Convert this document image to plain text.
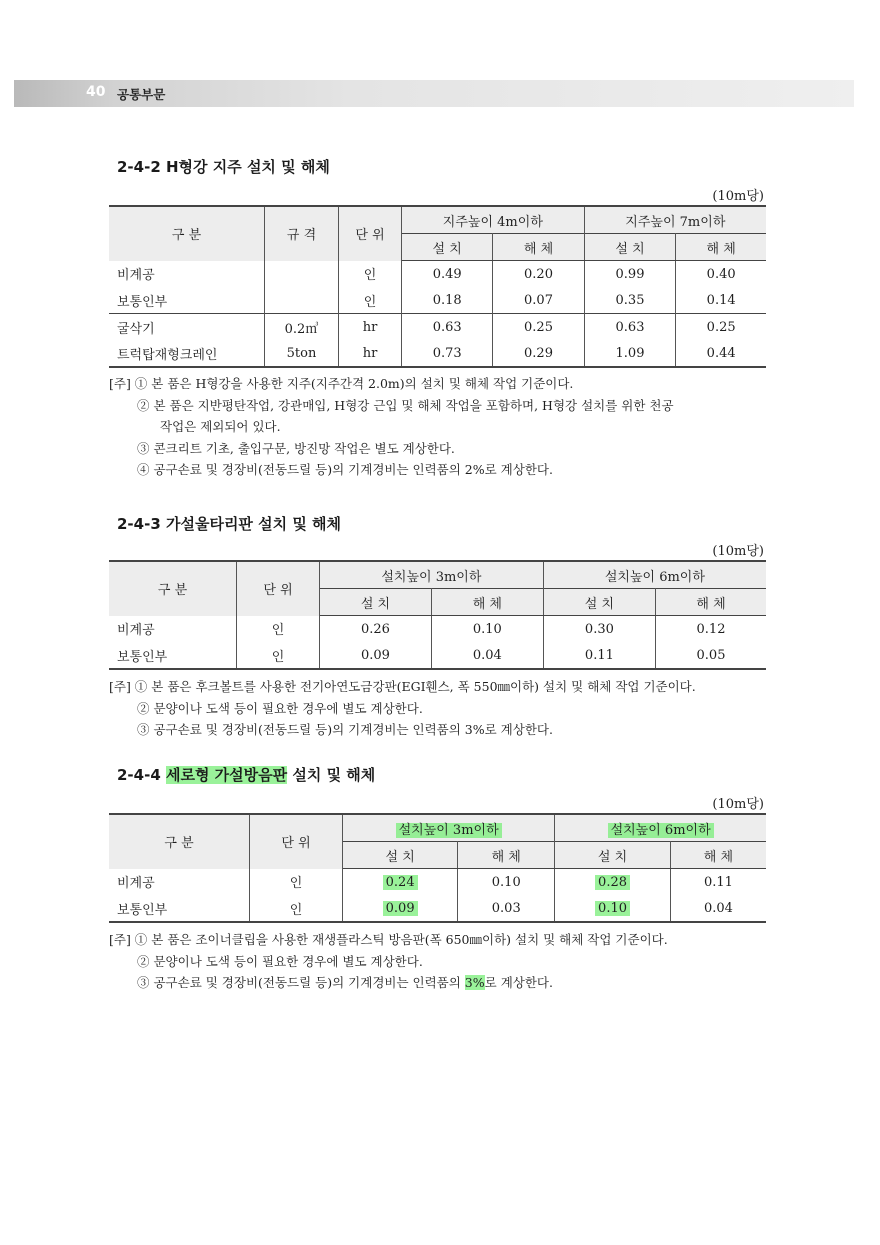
40 공통부문
2-4-2 H형강 지주 설치 및 해체
(10m당)
구 분	규 격	단 위	지주높이 4m이하		지주높이 7m이하	
			설 치	해 체	설 치	해 체
비계공		인	0.49	0.20	0.99	0.40
보통인부		인	0.18	0.07	0.35	0.14
굴삭기	0.2㎥	hr	0.63	0.25	0.63	0.25
트럭탑재형크레인	5ton	hr	0.73	0.29	1.09	0.44
[주] ① 본 품은 H형강을 사용한 지주(지주간격 2.0m)의 설치 및 해체 작업 기준이다.
② 본 품은 지반평탄작업, 강관매입, H형강 근입 및 해체 작업을 포함하며, H형강 설치를 위한 천공
작업은 제외되어 있다.
③ 콘크리트 기초, 출입구문, 방진망 작업은 별도 계상한다.
④ 공구손료 및 경장비(전동드릴 등)의 기계경비는 인력품의 2%로 계상한다.
2-4-3 가설울타리판 설치 및 해체
(10m당)
구 분	단 위	설치높이 3m이하		설치높이 6m이하	
		설 치	해 체	설 치	해 체
비계공	인	0.26	0.10	0.30	0.12
보통인부	인	0.09	0.04	0.11	0.05
[주] ① 본 품은 후크볼트를 사용한 전기아연도금강판(EGI휀스, 폭 550㎜이하) 설치 및 해체 작업 기준이다.
② 문양이나 도색 등이 필요한 경우에 별도 계상한다.
③ 공구손료 및 경장비(전동드릴 등)의 기계경비는 인력품의 3%로 계상한다.
2-4-4 세로형 가설방음판 설치 및 해체
(10m당)
구 분	단 위	설치높이 3m이하		설치높이 6m이하	
		설 치	해 체	설 치	해 체
비계공	인	0.24	0.10	0.28	0.11
보통인부	인	0.09	0.03	0.10	0.04
[주] ① 본 품은 조이너클립을 사용한 재생플라스틱 방음판(폭 650㎜이하) 설치 및 해체 작업 기준이다.
② 문양이나 도색 등이 필요한 경우에 별도 계상한다.
③ 공구손료 및 경장비(전동드릴 등)의 기계경비는 인력품의 3%로 계상한다.
